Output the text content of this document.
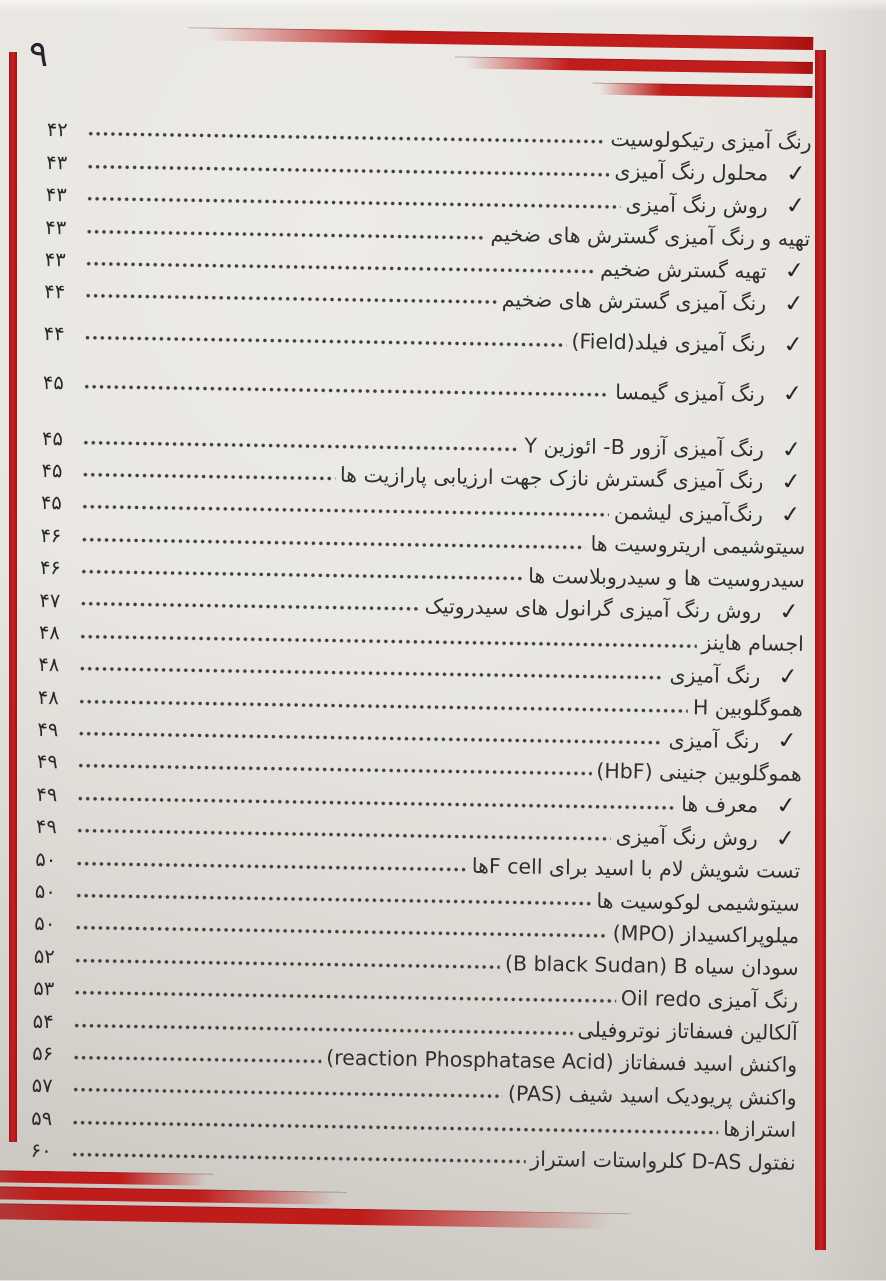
۹
رنگ آمیزی رتیکولوسیت
۴۲
✓
محلول رنگ آمیزی
۴۳
✓
روش رنگ آمیزی
۴۳
تهیه و رنگ آمیزی گسترش های ضخیم
۴۳
✓
تهیه گسترش ضخیم
۴۳
✓
رنگ آمیزی گسترش های ضخیم
۴۴
✓
رنگ آمیزی فیلد(Field)
۴۴
✓
رنگ آمیزی گیمسا
۴۵
✓
رنگ آمیزی آزور B- ائوزین Y
۴۵
✓
رنگ آمیزی گسترش نازک جهت ارزیابی پارازیت ها
۴۵
✓
رنگ‌آمیزی لیشمن
۴۵
سیتوشیمی اریتروسیت ها
۴۶
سیدروسیت ها و سیدروبلاست ها
۴۶
✓
روش رنگ آمیزی گرانول های سیدروتیک
۴۷
اجسام هاینز
۴۸
✓
رنگ آمیزی
۴۸
هموگلوبین H
۴۸
✓
رنگ آمیزی
۴۹
هموگلوبین جنینی (HbF)
۴۹
✓
معرف ها
۴۹
✓
روش رنگ آمیزی
۴۹
تست شویش لام با اسید برای F cellها
۵۰
سیتوشیمی لوکوسیت ها
۵۰
میلوپراکسیداز (MPO)
۵۰
سودان سیاه B‏ (B black Sudan)
۵۲
رنگ آمیزی Oil redo
۵۳
آلکالین فسفاتاز نوتروفیلی
۵۴
واکنش اسید فسفاتاز (reaction Phosphatase Acid)
۵۶
واکنش پریودیک اسید شیف (PAS)
۵۷
استرازها
۵۹
نفتول D-AS کلرواستات استراز
۶۰
